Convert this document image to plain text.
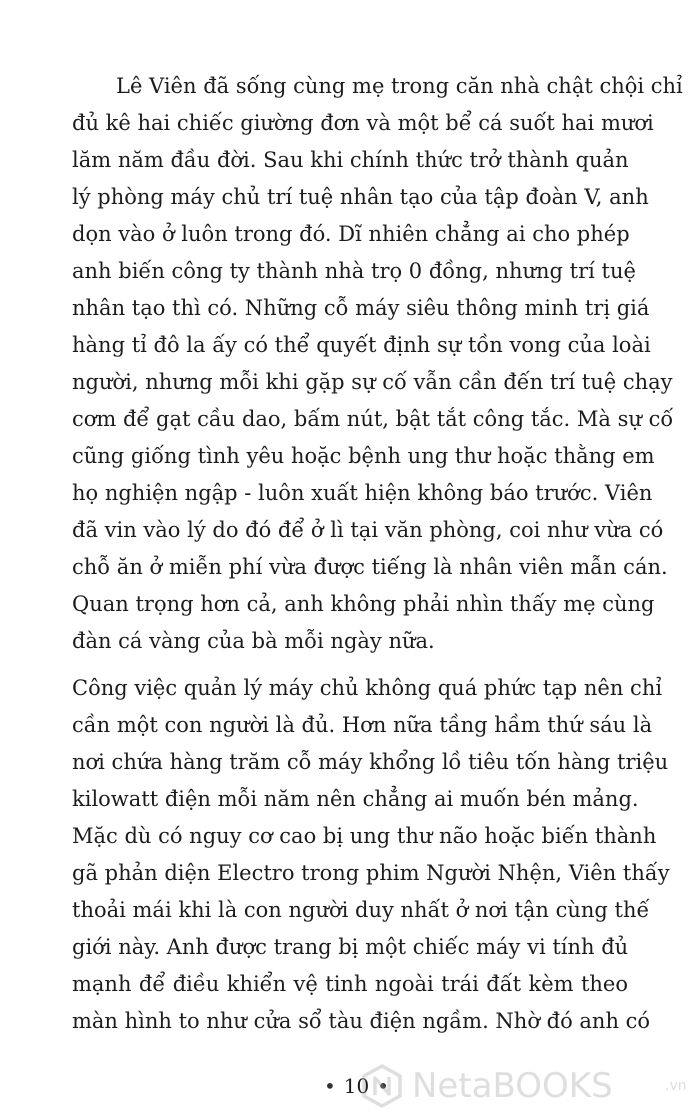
Lê Viên đã sống cùng mẹ trong căn nhà chật chội chỉ
đủ kê hai chiếc giường đơn và một bể cá suốt hai mươi
lăm năm đầu đời. Sau khi chính thức trở thành quản
lý phòng máy chủ trí tuệ nhân tạo của tập đoàn V, anh
dọn vào ở luôn trong đó. Dĩ nhiên chẳng ai cho phép
anh biến công ty thành nhà trọ 0 đồng, nhưng trí tuệ
nhân tạo thì có. Những cỗ máy siêu thông minh trị giá
hàng tỉ đô la ấy có thể quyết định sự tồn vong của loài
người, nhưng mỗi khi gặp sự cố vẫn cần đến trí tuệ chạy
cơm để gạt cầu dao, bấm nút, bật tắt công tắc. Mà sự cố
cũng giống tình yêu hoặc bệnh ung thư hoặc thằng em
họ nghiện ngập - luôn xuất hiện không báo trước. Viên
đã vin vào lý do đó để ở lì tại văn phòng, coi như vừa có
chỗ ăn ở miễn phí vừa được tiếng là nhân viên mẫn cán.
Quan trọng hơn cả, anh không phải nhìn thấy mẹ cùng
đàn cá vàng của bà mỗi ngày nữa.
Công việc quản lý máy chủ không quá phức tạp nên chỉ
cần một con người là đủ. Hơn nữa tầng hầm thứ sáu là
nơi chứa hàng trăm cỗ máy khổng lồ tiêu tốn hàng triệu
kilowatt điện mỗi năm nên chẳng ai muốn bén mảng.
Mặc dù có nguy cơ cao bị ung thư não hoặc biến thành
gã phản diện Electro trong phim Người Nhện, Viên thấy
thoải mái khi là con người duy nhất ở nơi tận cùng thế
giới này. Anh được trang bị một chiếc máy vi tính đủ
mạnh để điều khiển vệ tinh ngoài trái đất kèm theo
màn hình to như cửa sổ tàu điện ngầm. Nhờ đó anh có
• 10 • NetaBOOKS	.vn
